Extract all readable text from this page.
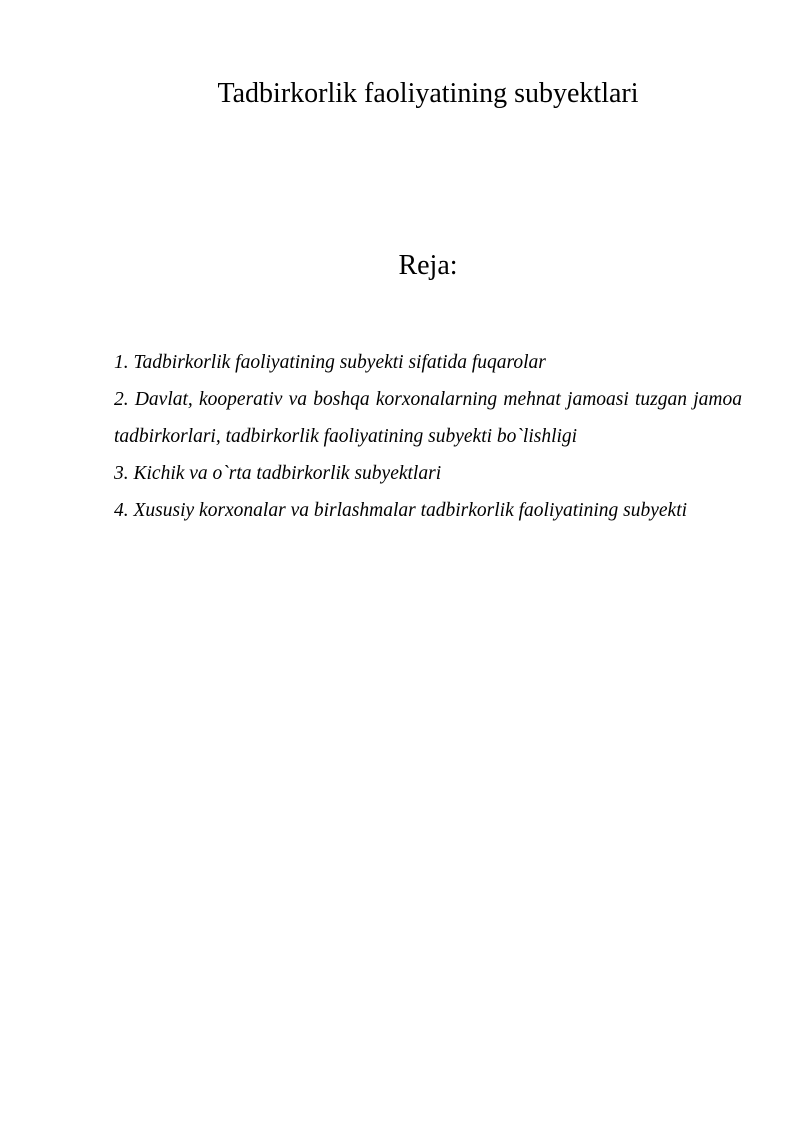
Tadbirkorlik faoliyatining subyektlari
Reja:
1. Tadbirkorlik faoliyatining subyekti sifatida fuqarolar
2. Davlat, kooperativ va boshqa korxonalarning mehnat jamoasi tuzgan jamoa tadbirkorlari, tadbirkorlik faoliyatining subyekti bo`lishligi
3. Kichik va o`rta tadbirkorlik subyektlari
4. Xususiy korxonalar va birlashmalar tadbirkorlik faoliyatining subyekti
